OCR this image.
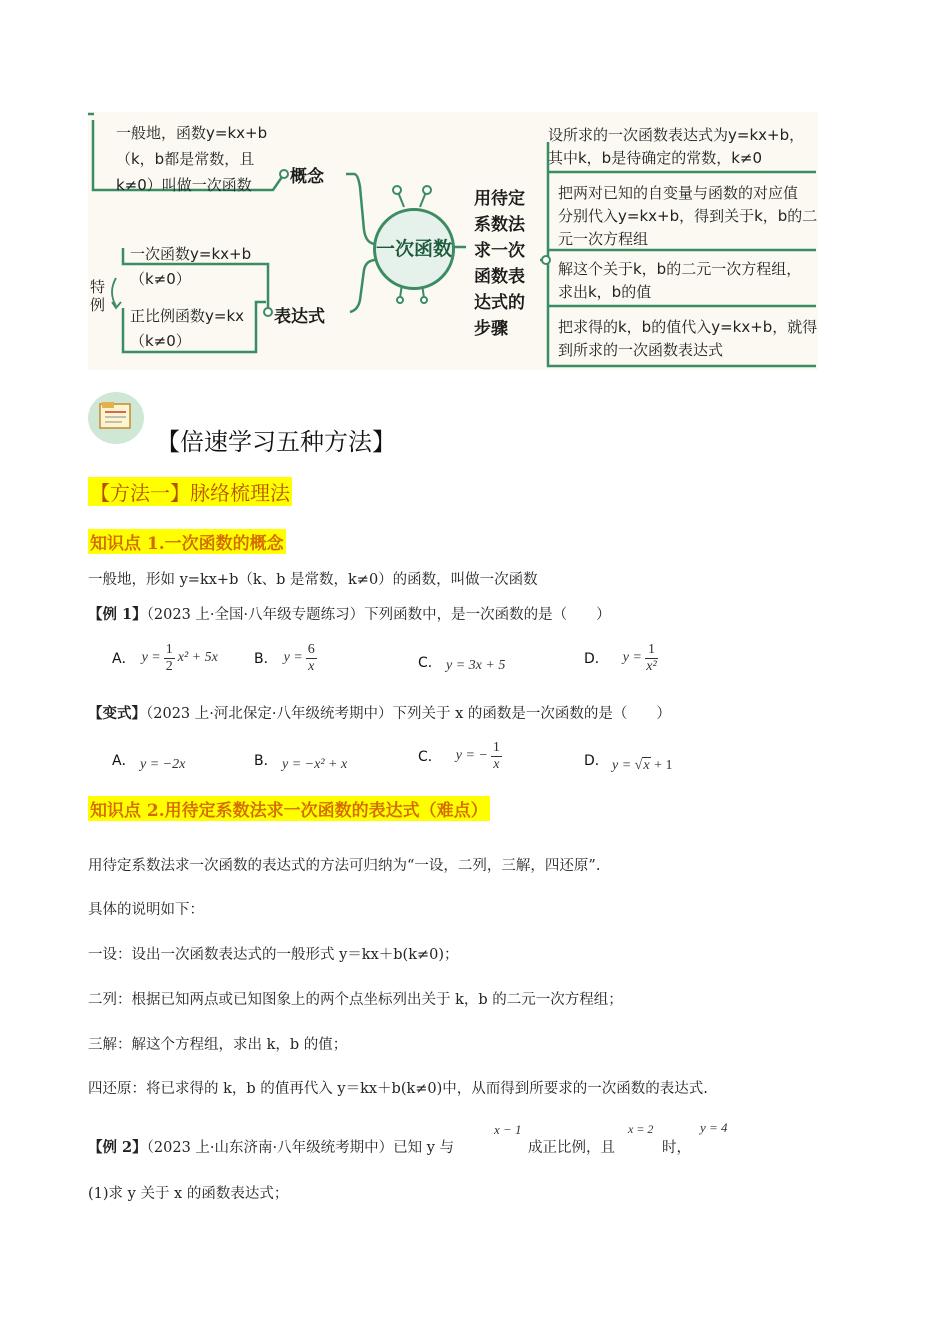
一般地，函数y=kx+b
（k，b都是常数，且
k≠0）叫做一次函数	概念
一次函数y=kx+b
（k≠0）
特例
正比例函数y=kx
（k≠0）
表达式
一次函数
用待定
系数法
求一次
函数表
达式的
步骤
设所求的一次函数表达式为y=kx+b，
其中k，b是待确定的常数，k≠0
把两对已知的自变量与函数的对应值
分别代入y=kx+b，得到关于k，b的二
元一次方程组
解这个关于k，b的二元一次方程组，
求出k，b的值
把求得的k，b的值代入y=kx+b，就得
到所求的一次函数表达式
【倍速学习五种方法】
【方法一】脉络梳理法
知识点 1.一次函数的概念
一般地，形如 y=kx+b（k、b 是常数，k≠0）的函数，叫做一次函数
【例 1】（2023 上·全国·八年级专题练习）下列函数中，是一次函数的是（　　）
A． $y = \frac{1}{2} x^2 + 5x$	B． $y = \frac{6}{x}$	C． y = 3x + 5	D． $y = \frac{1}{\text{x²}}$
【变式】（2023 上·河北保定·八年级统考期中）下列关于 x 的函数是一次函数的是（　　）
A． y = −2x	B． y = −x² + x	C． y = − $\frac{1}{x}$	D． y = √x + 1
知识点 2.用待定系数法求一次函数的表达式（难点）
用待定系数法求一次函数的表达式的方法可归纳为“一设，二列，三解，四还原”.
具体的说明如下：
一设：设出一次函数表达式的一般形式 y＝kx＋b(k≠0)；
二列：根据已知两点或已知图象上的两个点坐标列出关于 k，b 的二元一次方程组；
三解：解这个方程组，求出 k，b 的值；
四还原：将已求得的 k，b 的值再代入 y＝kx＋b(k≠0)中，从而得到所要求的一次函数的表达式.
【例 2】（2023 上·山东济南·八年级统考期中）已知 y 与
x − 1
成正比例，且
x = 2
时，
y = 4
(1)求 y 关于 x 的函数表达式；
